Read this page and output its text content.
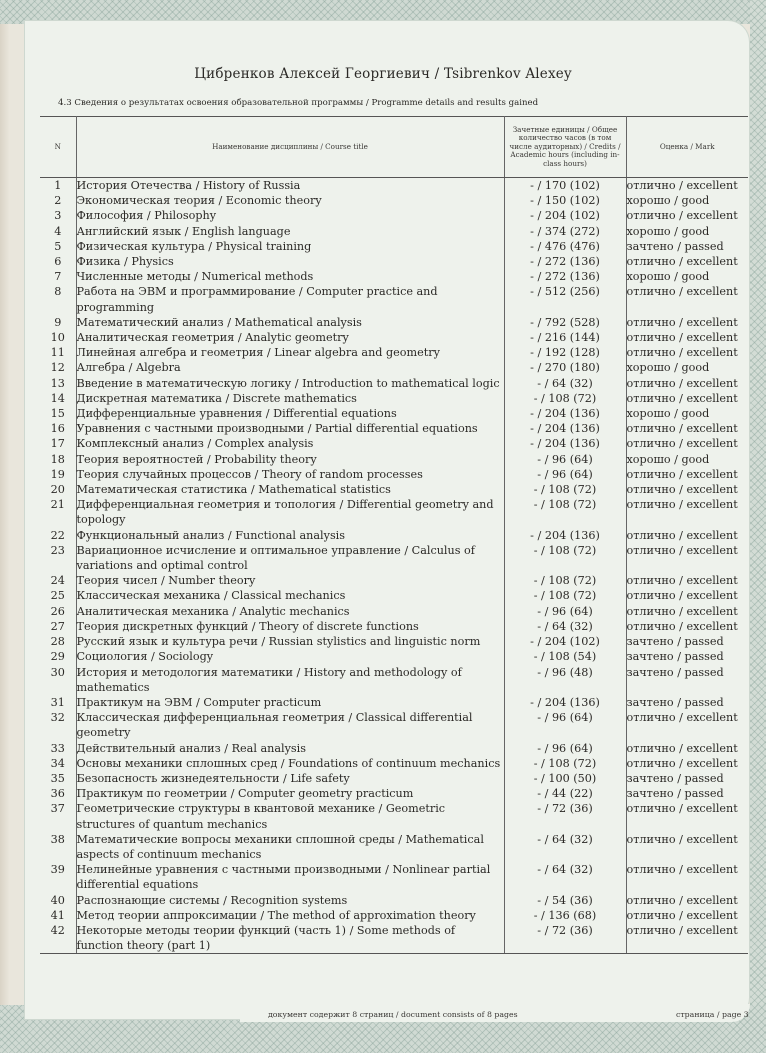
Цибренков Алексей Георгиевич / Tsibrenkov Alexey
4.3 Сведения о результатах освоения образовательной программы / Programme details and results gained
N	Наименование дисциплины / Course title	Зачетные единицы / Общее количество часов (в том числе аудиторных) / Credits / Academic hours (including in-class hours)	Оценка / Mark
1	История Отечества / History of Russia	- / 170 (102)	отлично / excellent
2	Экономическая теория / Economic theory	- / 150 (102)	хорошо / good
3	Философия / Philosophy	- / 204 (102)	отлично / excellent
4	Английский язык / English language	- / 374 (272)	хорошо / good
5	Физическая культура / Physical training	- / 476 (476)	зачтено / passed
6	Физика / Physics	- / 272 (136)	отлично / excellent
7	Численные методы / Numerical methods	- / 272 (136)	хорошо / good
8	Работа на ЭВМ и программирование / Computer practice and programming	- / 512 (256)	отлично / excellent
9	Математический анализ / Mathematical analysis	- / 792 (528)	отлично / excellent
10	Аналитическая геометрия / Analytic geometry	- / 216 (144)	отлично / excellent
11	Линейная алгебра и геометрия / Linear algebra and geometry	- / 192 (128)	отлично / excellent
12	Алгебра / Algebra	- / 270 (180)	хорошо / good
13	Введение в математическую логику / Introduction to mathematical logic	- / 64 (32)	отлично / excellent
14	Дискретная математика / Discrete mathematics	- / 108 (72)	отлично / excellent
15	Дифференциальные уравнения / Differential equations	- / 204 (136)	хорошо / good
16	Уравнения с частными производными / Partial differential equations	- / 204 (136)	отлично / excellent
17	Комплексный анализ / Complex analysis	- / 204 (136)	отлично / excellent
18	Теория вероятностей / Probability theory	- / 96 (64)	хорошо / good
19	Теория случайных процессов / Theory of random processes	- / 96 (64)	отлично / excellent
20	Математическая статистика / Mathematical statistics	- / 108 (72)	отлично / excellent
21	Дифференциальная геометрия и топология / Differential geometry and topology	- / 108 (72)	отлично / excellent
22	Функциональный анализ / Functional analysis	- / 204 (136)	отлично / excellent
23	Вариационное исчисление и оптимальное управление / Calculus of variations and optimal control	- / 108 (72)	отлично / excellent
24	Теория чисел / Number theory	- / 108 (72)	отлично / excellent
25	Классическая механика / Classical mechanics	- / 108 (72)	отлично / excellent
26	Аналитическая механика / Analytic mechanics	- / 96 (64)	отлично / excellent
27	Теория дискретных функций / Theory of discrete functions	- / 64 (32)	отлично / excellent
28	Русский язык и культура речи / Russian stylistics and linguistic norm	- / 204 (102)	зачтено / passed
29	Социология / Sociology	- / 108 (54)	зачтено / passed
30	История и методология математики / History and methodology of mathematics	- / 96 (48)	зачтено / passed
31	Практикум на ЭВМ / Computer practicum	- / 204 (136)	зачтено / passed
32	Классическая дифференциальная геометрия / Classical differential geometry	- / 96 (64)	отлично / excellent
33	Действительный анализ / Real analysis	- / 96 (64)	отлично / excellent
34	Основы механики сплошных сред / Foundations of continuum mechanics	- / 108 (72)	отлично / excellent
35	Безопасность жизнедеятельности / Life safety	- / 100 (50)	зачтено / passed
36	Практикум по геометрии / Computer geometry practicum	- / 44 (22)	зачтено / passed
37	Геометрические структуры в квантовой механике / Geometric structures of quantum mechanics	- / 72 (36)	отлично / excellent
38	Математические вопросы механики сплошной среды / Mathematical aspects of continuum mechanics	- / 64 (32)	отлично / excellent
39	Нелинейные уравнения с частными производными / Nonlinear partial differential equations	- / 64 (32)	отлично / excellent
40	Распознающие системы / Recognition systems	- / 54 (36)	отлично / excellent
41	Метод теории аппроксимации / The method of approximation theory	- / 136 (68)	отлично / excellent
42	Некоторые методы теории функций (часть 1) / Some methods of function theory (part 1)	- / 72 (36)	отлично / excellent
документ содержит 8 страниц / document consists of 8 pages	страница / page 3
